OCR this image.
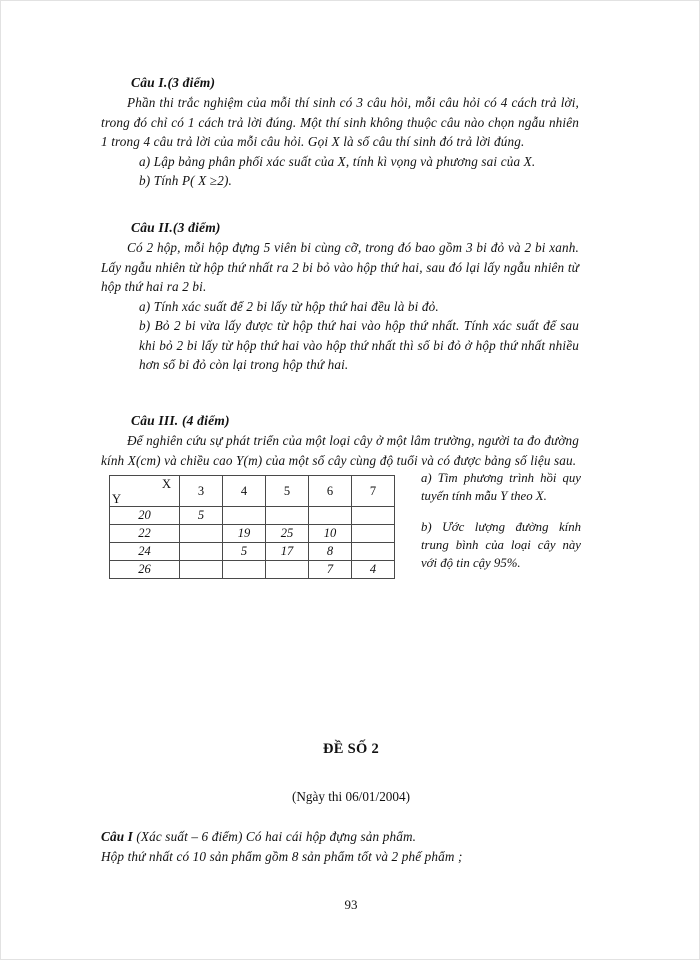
Câu I.(3 điểm)

Phần thi trắc nghiệm của mỗi thí sinh có 3 câu hỏi, mỗi câu hỏi có 4 cách trả lời, trong đó chỉ có 1 cách trả lời đúng. Một thí sinh không thuộc câu nào chọn ngẫu nhiên 1 trong 4 câu trả lời của mỗi câu hỏi. Gọi X là số câu thí sinh đó trả lời đúng.

a) Lập bảng phân phối xác suất của X, tính kì vọng và phương sai của X.

b) Tính P( X ≥2).

Câu II.(3 điểm)

Có 2 hộp, mỗi hộp đựng 5 viên bi cùng cỡ, trong đó bao gồm 3 bi đỏ và 2 bi xanh. Lấy ngẫu nhiên từ hộp thứ nhất ra 2 bi bỏ vào hộp thứ hai, sau đó lại lấy ngẫu nhiên từ hộp thứ hai ra 2 bi.

a) Tính xác suất để 2 bi lấy từ hộp thứ hai đều là bi đỏ.

b) Bỏ 2 bi vừa lấy được từ hộp thứ hai vào hộp thứ nhất. Tính xác suất để sau khi bỏ 2 bi lấy từ hộp thứ hai vào hộp thứ nhất thì số bi đỏ ở hộp thứ nhất nhiều hơn số bi đỏ còn lại trong hộp thứ hai.

Câu III. (4 điểm)

Để nghiên cứu sự phát triển của một loại cây ở một lâm trường, người ta đo đường kính X(cm) và chiều cao Y(m) của một số cây cùng độ tuổi và có được bảng số liệu sau.

X
Y	3	4	5	6	7
20	5				
22		19	25	10	
24		5	17	8	
26				7	4

a) Tìm phương trình hồi quy tuyến tính mẫu Y theo X.

b) Ước lượng đường kính trung bình của loại cây này với độ tin cậy 95%.

ĐỀ SỐ 2
(Ngày thi 06/01/2004)

Câu I (Xác suất – 6 điểm) Có hai cái hộp đựng sản phẩm.

Hộp thứ nhất có 10 sản phẩm gồm 8 sản phẩm tốt và 2 phế phẩm ;

93
